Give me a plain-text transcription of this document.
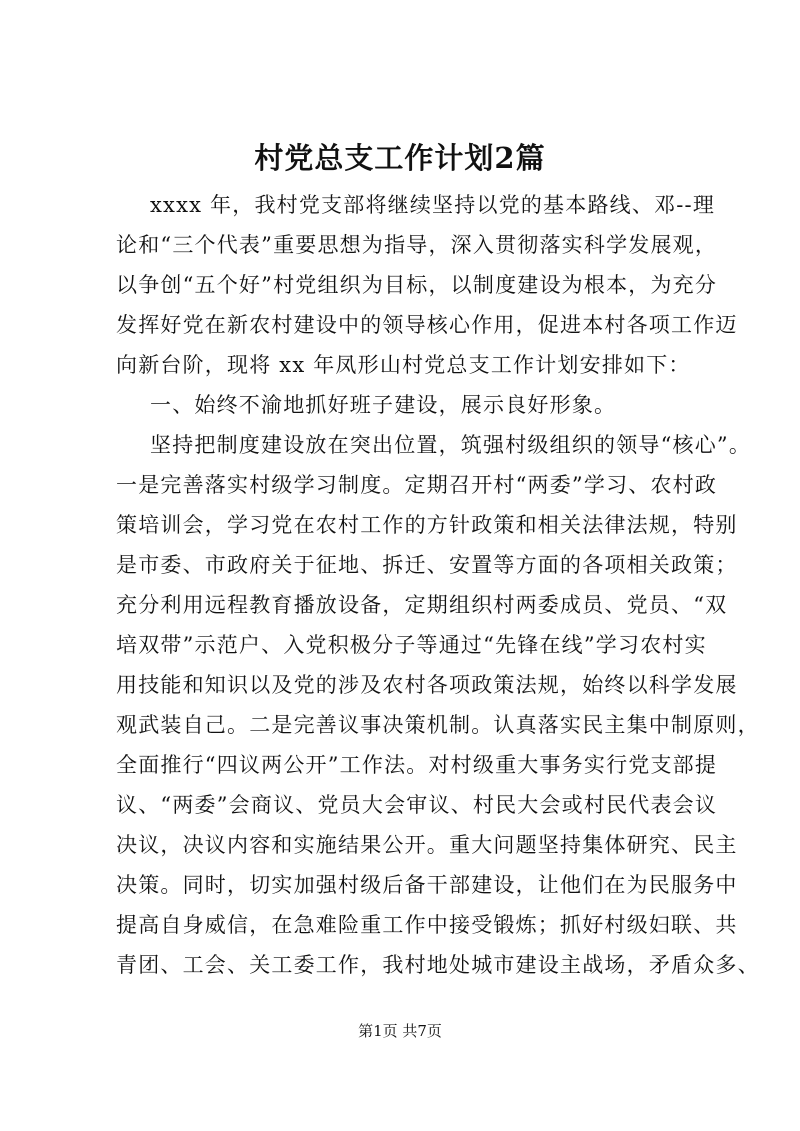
村党总支工作计划2篇
xxxx 年，我村党支部将继续坚持以党的基本路线、邓--理
论和“三个代表”重要思想为指导，深入贯彻落实科学发展观，
以争创“五个好”村党组织为目标，以制度建设为根本，为充分
发挥好党在新农村建设中的领导核心作用，促进本村各项工作迈
向新台阶，现将 xx 年凤形山村党总支工作计划安排如下：
一、始终不渝地抓好班子建设，展示良好形象。
坚持把制度建设放在突出位置，筑强村级组织的领导“核心”。
一是完善落实村级学习制度。定期召开村“两委”学习、农村政
策培训会，学习党在农村工作的方针政策和相关法律法规，特别
是市委、市政府关于征地、拆迁、安置等方面的各项相关政策；
充分利用远程教育播放设备，定期组织村两委成员、党员、“双
培双带”示范户、入党积极分子等通过“先锋在线”学习农村实
用技能和知识以及党的涉及农村各项政策法规，始终以科学发展
观武装自己。二是完善议事决策机制。认真落实民主集中制原则，
全面推行“四议两公开”工作法。对村级重大事务实行党支部提
议、“两委”会商议、党员大会审议、村民大会或村民代表会议
决议，决议内容和实施结果公开。重大问题坚持集体研究、民主
决策。同时，切实加强村级后备干部建设，让他们在为民服务中
提高自身威信，在急难险重工作中接受锻炼；抓好村级妇联、共
青团、工会、关工委工作，我村地处城市建设主战场，矛盾众多、
第1页 共7页
